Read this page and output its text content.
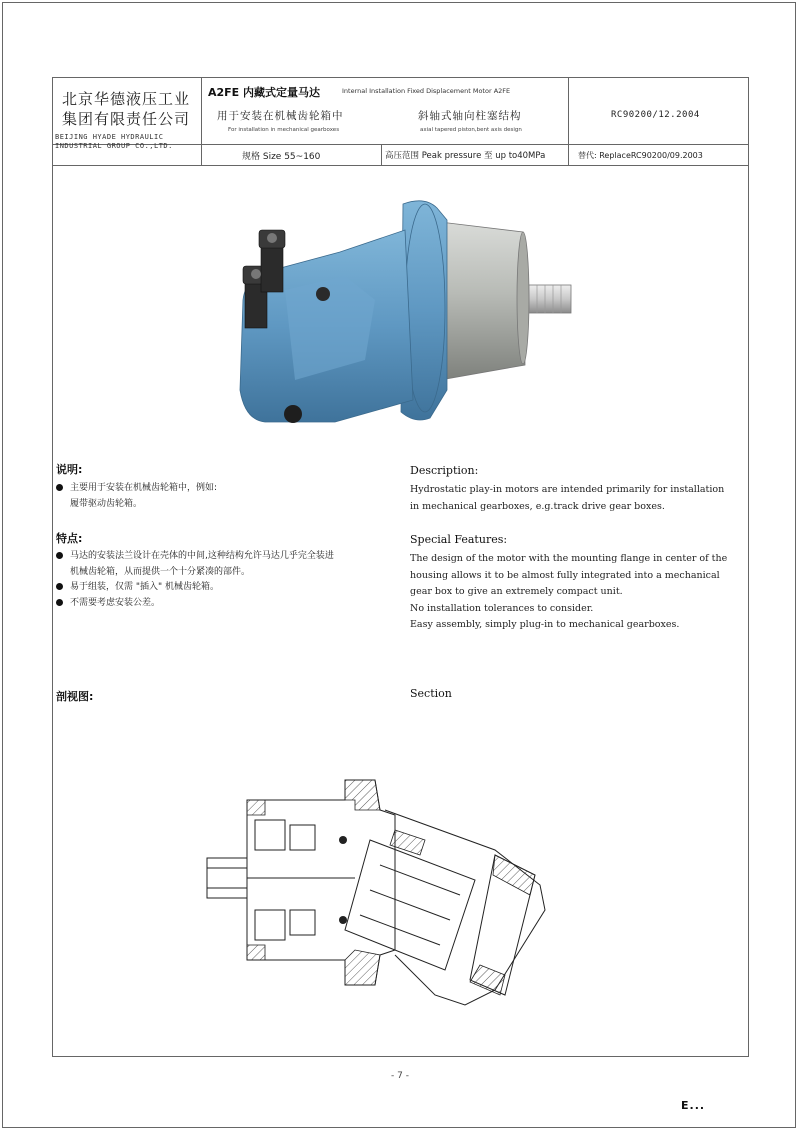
北京华德液压工业
集团有限责任公司
BEIJING HYADE HYDRAULIC
INDUSTRIAL GROUP CO.,LTD.
A2FE 内藏式定量马达	Internal Installation Fixed Displacement Motor A2FE
用于安装在机械齿轮箱中
For installation in mechanical gearboxes
斜轴式轴向柱塞结构
axial tapered piston,bent axis design
RC90200/12.2004
规格 Size 55~160	高压范围 Peak pressure 至 up to40MPa	替代: ReplaceRC90200/09.2003
说明:
主要用于安装在机械齿轮箱中，例如:
履带驱动齿轮箱。
Description:
Hydrostatic play-in motors are intended primarily for installation
in mechanical gearboxes, e.g.track drive gear boxes.
特点:
马达的安装法兰设计在壳体的中间,这种结构允许马达几乎完全装进
机械齿轮箱，从而提供一个十分紧凑的部件。
易于组装，仅需 "插入" 机械齿轮箱。
不需要考虑安装公差。
Special Features:
The design of the motor with the mounting flange in center of the
housing allows it to be almost fully integrated into a mechanical
gear box to give an extremely compact unit.
No installation tolerances to consider.
Easy assembly, simply plug-in to mechanical gearboxes.
剖视图:	Section
- 7 -
E...
